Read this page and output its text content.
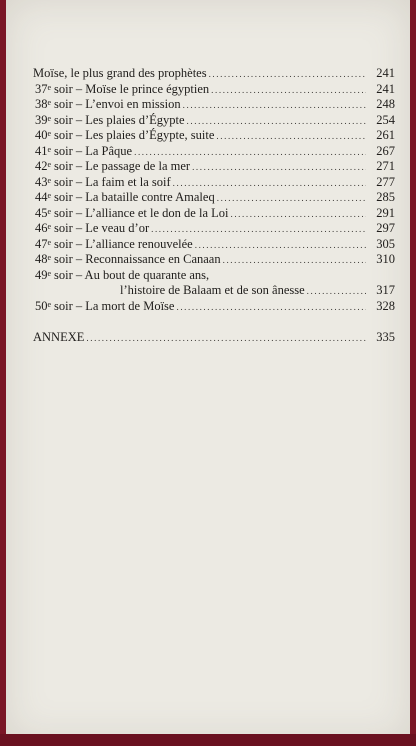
Moïse, le plus grand des prophètes .....	241
37e soir – Moïse le prince égyptien .....	241
38e soir – L’envoi en mission .....	248
39e soir – Les plaies d’Égypte .....	254
40e soir – Les plaies d’Égypte, suite .....	261
41e soir – La Pâque .....	267
42e soir – Le passage de la mer .....	271
43e soir – La faim et la soif .....	277
44e soir – La bataille contre Amaleq .....	285
45e soir – L’alliance et le don de la Loi .....	291
46e soir – Le veau d’or .....	297
47e soir – L’alliance renouvelée .....	305
48e soir – Reconnaissance en Canaan .....	310
49e soir – Au bout de quarante ans,
l’histoire de Balaam et de son ânesse .....	317
50e soir – La mort de Moïse .....	328
ANNEXE .....	335
